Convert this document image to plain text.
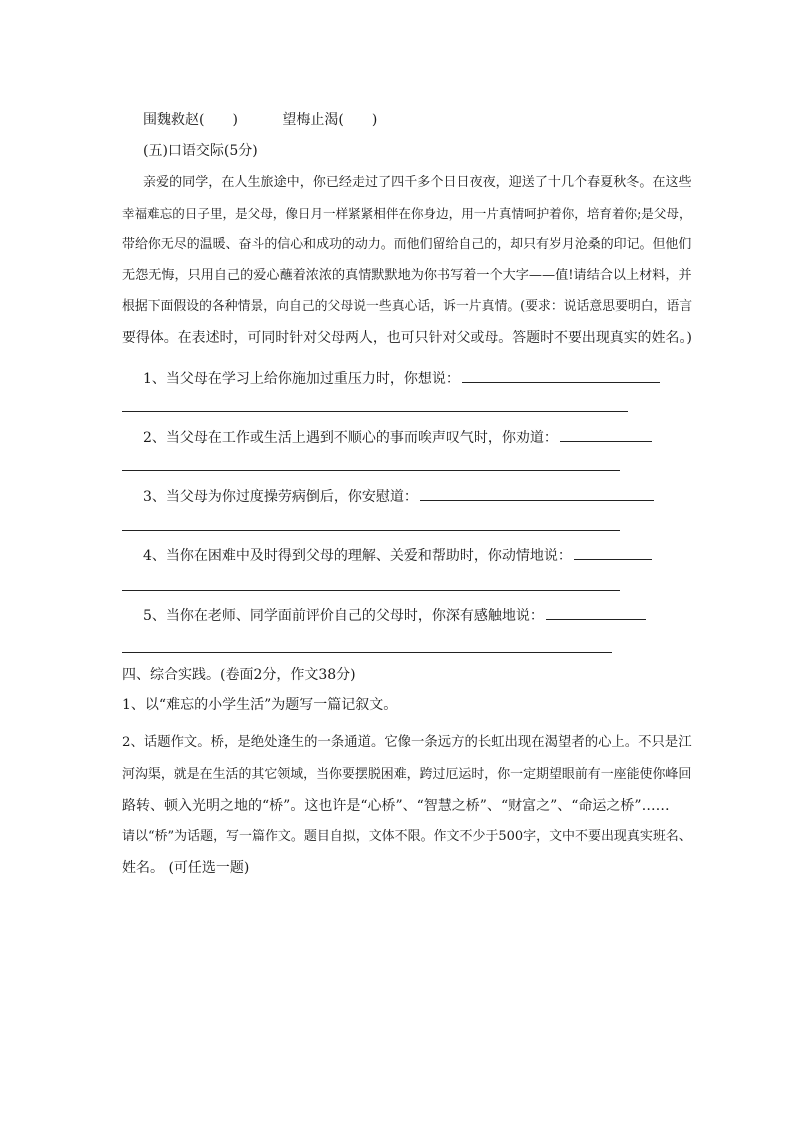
围魏救赵(　　)	望梅止渴(　　)
(五)口语交际(5分)
亲爱的同学，在人生旅途中，你已经走过了四千多个日日夜夜，迎送了十几个春夏秋冬。在这些
幸福难忘的日子里，是父母，像日月一样紧紧相伴在你身边，用一片真情呵护着你，培育着你;是父母，
带给你无尽的温暖、奋斗的信心和成功的动力。而他们留给自己的，却只有岁月沧桑的印记。但他们
无怨无悔，只用自己的爱心蘸着浓浓的真情默默地为你书写着一个大字——值!请结合以上材料，并
根据下面假设的各种情景，向自己的父母说一些真心话，诉一片真情。(要求：说话意思要明白，语言
要得体。在表述时，可同时针对父母两人，也可只针对父或母。答题时不要出现真实的姓名。)
1、当父母在学习上给你施加过重压力时，你想说：
2、当父母在工作或生活上遇到不顺心的事而唉声叹气时，你劝道：
3、当父母为你过度操劳病倒后，你安慰道：
4、当你在困难中及时得到父母的理解、关爱和帮助时，你动情地说：
5、当你在老师、同学面前评价自己的父母时，你深有感触地说：
四、综合实践。(卷面2分，作文38分)
1、以“难忘的小学生活”为题写一篇记叙文。
2、话题作文。桥，是绝处逢生的一条通道。它像一条远方的长虹出现在渴望者的心上。不只是江
河沟渠，就是在生活的其它领域，当你要摆脱困难，跨过厄运时，你一定期望眼前有一座能使你峰回
路转、顿入光明之地的“桥”。这也许是“心桥”、“智慧之桥”、“财富之”、“命运之桥”……
请以“桥”为话题，写一篇作文。题目自拟，文体不限。作文不少于500字，文中不要出现真实班名、
姓名。 (可任选一题)
